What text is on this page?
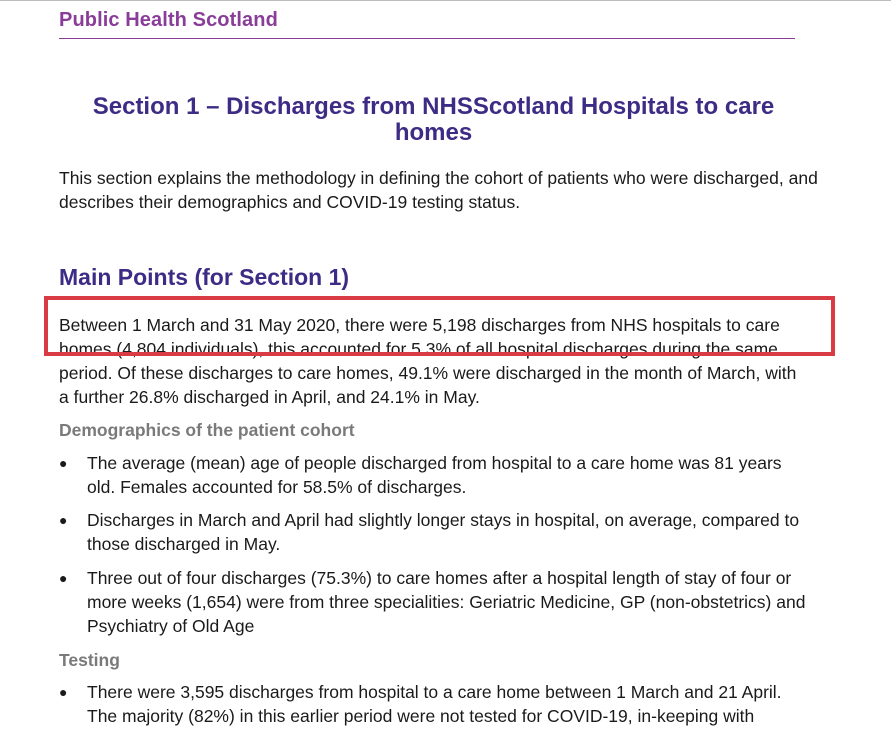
Public Health Scotland
Section 1 – Discharges from NHSScotland Hospitals to care homes
This section explains the methodology in defining the cohort of patients who were discharged, and describes their demographics and COVID-19 testing status.
Main Points (for Section 1)
Between 1 March and 31 May 2020, there were 5,198 discharges from NHS hospitals to care homes (4,804 individuals), this accounted for 5.3% of all hospital discharges during the same period. Of these discharges to care homes, 49.1% were discharged in the month of March, with a further 26.8% discharged in April, and 24.1% in May.
Demographics of the patient cohort
● The average (mean) age of people discharged from hospital to a care home was 81 years old. Females accounted for 58.5% of discharges.
● Discharges in March and April had slightly longer stays in hospital, on average, compared to those discharged in May.
● Three out of four discharges (75.3%) to care homes after a hospital length of stay of four or more weeks (1,654) were from three specialities: Geriatric Medicine, GP (non-obstetrics) and Psychiatry of Old Age
Testing
● There were 3,595 discharges from hospital to a care home between 1 March and 21 April. The majority (82%) in this earlier period were not tested for COVID-19, in-keeping with
